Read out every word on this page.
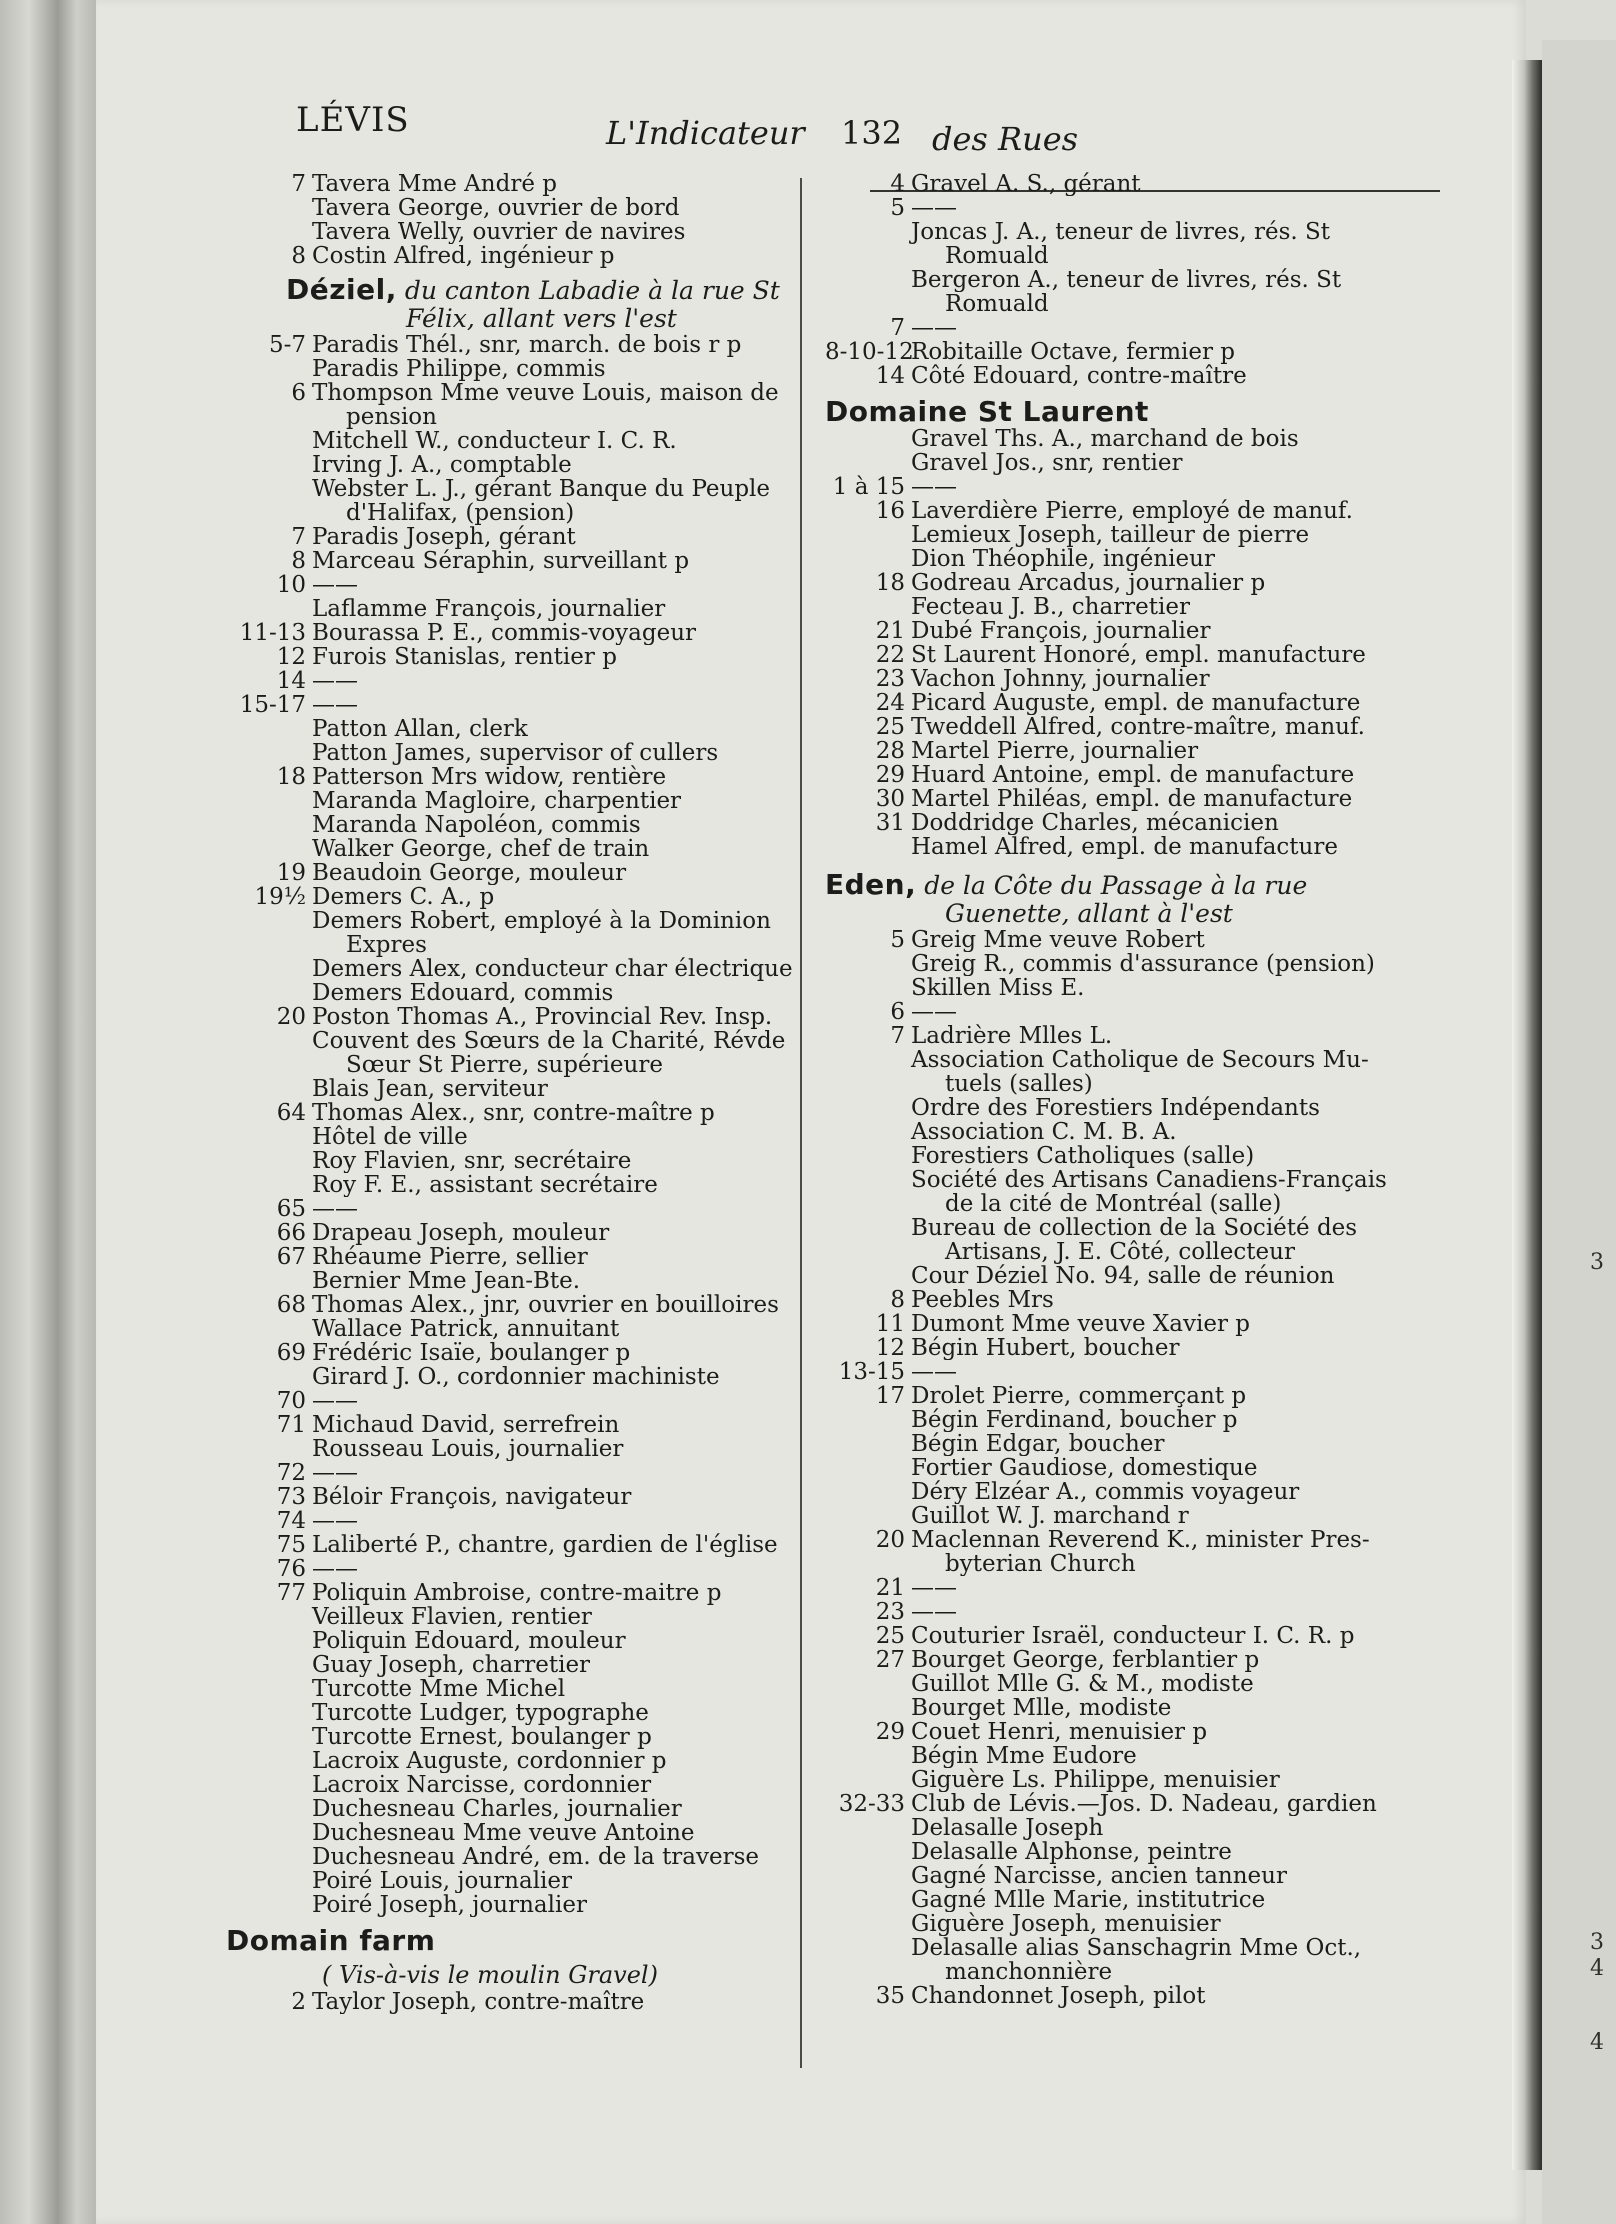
LÉVIS	L'Indicateur 132 des Rues
7 Tavera Mme André p
Tavera George, ouvrier de bord
Tavera Welly, ouvrier de navires
8 Costin Alfred, ingénieur p
Déziel, du canton Labadie à la rue St
Félix, allant vers l'est
5-7 Paradis Thél., snr, march. de bois r p
Paradis Philippe, commis
6 Thompson Mme veuve Louis, maison de
pension
Mitchell W., conducteur I. C. R.
Irving J. A., comptable
Webster L. J., gérant Banque du Peuple
d'Halifax, (pension)
7 Paradis Joseph, gérant
8 Marceau Séraphin, surveillant p
10 ——
Laflamme François, journalier
11-13 Bourassa P. É., commis-voyageur
12 Furois Stanislas, rentier p
14 ——
15-17 ——
Patton Allan, clerk
Patton James, supervisor of cullers
18 Patterson Mrs widow, rentière
Maranda Magloire, charpentier
Maranda Napoléon, commis
Walker George, chef de train
19 Beaudoin George, mouleur
19½ Demers C. A., p
Demers Robert, employé à la Dominion
Expres
Demers Alex, conducteur char électrique
Demers Edouard, commis
20 Poston Thomas A., Provincial Rev. Insp.
Couvent des Sœurs de la Charité, Révde
Sœur St Pierre, supérieure
Blais Jean, serviteur
64 Thomas Alex., snr, contre-maître p
Hôtel de ville
Roy Flavien, snr, secrétaire
Roy F. E., assistant secrétaire
65 ——
66 Drapeau Joseph, mouleur
67 Rhéaume Pierre, sellier
Bernier Mme Jean-Bte.
68 Thomas Alex., jnr, ouvrier en bouilloires
Wallace Patrick, annuitant
69 Frédéric Isaïe, boulanger p
Girard J. O., cordonnier machiniste
70 ——
71 Michaud David, serrefrein
Rousseau Louis, journalier
72 ——
73 Béloir François, navigateur
74 ——
75 Laliberté P., chantre, gardien de l'église
76 ——
77 Poliquin Ambroise, contre-maitre p
Veilleux Flavien, rentier
Poliquin Edouard, mouleur
Guay Joseph, charretier
Turcotte Mme Michel
Turcotte Ludger, typographe
Turcotte Ernest, boulanger p
Lacroix Auguste, cordonnier p
Lacroix Narcisse, cordonnier
Duchesneau Charles, journalier
Duchesneau Mme veuve Antoine
Duchesneau André, em. de la traverse
Poiré Louis, journalier
Poiré Joseph, journalier
Domain farm
( Vis-à-vis le moulin Gravel)
2 Taylor Joseph, contre-maître
4 Gravel A. S., gérant
5 ——
Joncas J. A., teneur de livres, rés. St
Romuald
Bergeron A., teneur de livres, rés. St
Romuald
7 ——
8-10-12Robitaille Octave, fermier p
14 Côté Edouard, contre-maître
Domaine St Laurent
Gravel Ths. A., marchand de bois
Gravel Jos., snr, rentier
1 à 15 ——
16 Laverdière Pierre, employé de manuf.
Lemieux Joseph, tailleur de pierre
Dion Théophile, ingénieur
18 Godreau Arcadus, journalier p
Fecteau J. B., charretier
21 Dubé François, journalier
22 St Laurent Honoré, empl. manufacture
23 Vachon Johnny, journalier
24 Picard Auguste, empl. de manufacture
25 Tweddell Alfred, contre-maître, manuf.
28 Martel Pierre, journalier
29 Huard Antoine, empl. de manufacture
30 Martel Philéas, empl. de manufacture
31 Doddridge Charles, mécanicien
Hamel Alfred, empl. de manufacture
Eden, de la Côte du Passage à la rue
Guenette, allant à l'est
5 Greig Mme veuve Robert
Greig R., commis d'assurance (pension)
Skillen Miss E.
6 ——
7 Ladrière Mlles L.
Association Catholique de Secours Mu-
tuels (salles)
Ordre des Forestiers Indépendants
Association C. M. B. A.
Forestiers Catholiques (salle)
Société des Artisans Canadiens-Français
de la cité de Montréal (salle)
Bureau de collection de la Société des
Artisans, J. E. Côté, collecteur
Cour Déziel No. 94, salle de réunion
8 Peebles Mrs
11 Dumont Mme veuve Xavier p
12 Bégin Hubert, boucher
13-15 ——
17 Drolet Pierre, commerçant p
Bégin Ferdinand, boucher p
Bégin Edgar, boucher
Fortier Gaudiose, domestique
Déry Elzéar A., commis voyageur
Guillot W. J. marchand r
20 Maclennan Reverend K., minister Pres-
byterian Church
21 ——
23 ——
25 Couturier Israël, conducteur I. C. R. p
27 Bourget George, ferblantier p
Guillot Mlle G. & M., modiste
Bourget Mlle, modiste
29 Couet Henri, menuisier p
Bégin Mme Eudore
Giguère Ls. Philippe, menuisier
32-33 Club de Lévis.—Jos. D. Nadeau, gardien
Delasalle Joseph
Delasalle Alphonse, peintre
Gagné Narcisse, ancien tanneur
Gagné Mlle Marie, institutrice
Giguère Joseph, menuisier
Delasalle alias Sanschagrin Mme Oct.,
manchonnière
35 Chandonnet Joseph, pilot
3
3
4
4
